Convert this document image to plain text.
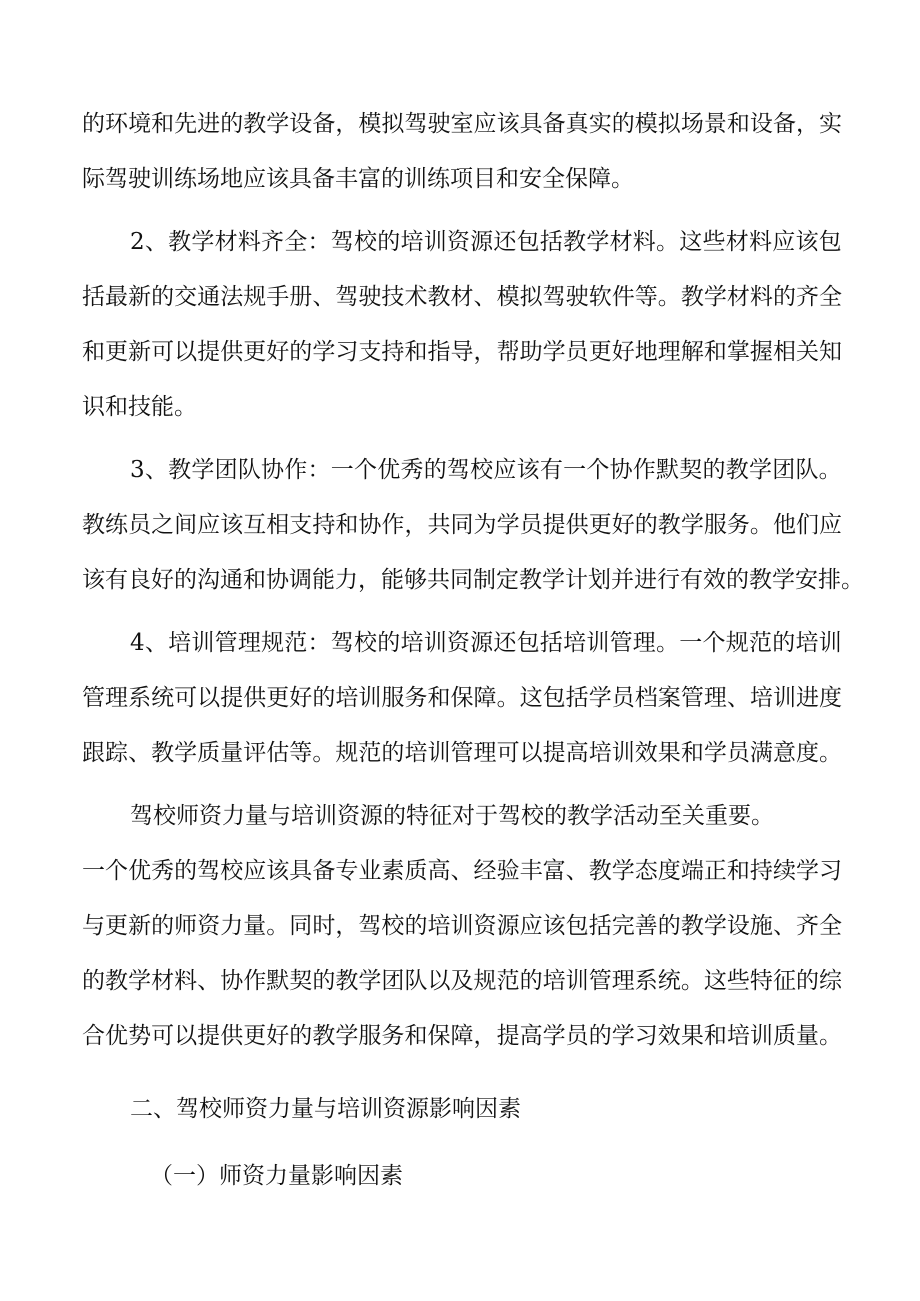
的 环 境 和 先 进 的 教 学 设 备 ， 模 拟 驾 驶 室 应 该 具 备 真 实 的 模 拟 场 景 和 设 备 ， 实
际驾驶训练场地应该具备丰富的训练项目和安全保障。
2 、 教 学 材 料 齐 全 ： 驾 校 的 培 训 资 源 还 包 括 教 学 材 料 。 这 些 材 料 应 该 包
括 最 新 的 交 通 法 规 手 册 、 驾 驶 技 术 教 材 、 模 拟 驾 驶 软 件 等 。 教 学 材 料 的 齐 全
和 更 新 可 以 提 供 更 好 的 学 习 支 持 和 指 导 ， 帮 助 学 员 更 好 地 理 解 和 掌 握 相 关 知
识和技能。
3 、 教 学 团 队 协 作 ： 一 个 优 秀 的 驾 校 应 该 有 一 个 协 作 默 契 的 教 学 团 队 。
教 练 员 之 间 应 该 互 相 支 持 和 协 作 ， 共 同 为 学 员 提 供 更 好 的 教 学 服 务 。 他 们 应
该 有 良 好 的 沟 通 和 协 调 能 力 ， 能 够 共 同 制 定 教 学 计 划 并 进 行 有 效 的 教 学 安 排 。
4 、 培 训 管 理 规 范 ： 驾 校 的 培 训 资 源 还 包 括 培 训 管 理 。 一 个 规 范 的 培 训
管 理 系 统 可 以 提 供 更 好 的 培 训 服 务 和 保 障 。 这 包 括 学 员 档 案 管 理 、 培 训 进 度
跟 踪 、 教 学 质 量 评 估 等 。 规 范 的 培 训 管 理 可 以 提 高 培 训 效 果 和 学 员 满 意 度 。
驾校师资力量与培训资源的特征对于驾校的教学活动至关重要。
一 个 优 秀 的 驾 校 应 该 具 备 专 业 素 质 高 、 经 验 丰 富 、 教 学 态 度 端 正 和 持 续 学 习
与 更 新 的 师 资 力 量 。 同 时 ， 驾 校 的 培 训 资 源 应 该 包 括 完 善 的 教 学 设 施 、 齐 全
的 教 学 材 料 、 协 作 默 契 的 教 学 团 队 以 及 规 范 的 培 训 管 理 系 统 。 这 些 特 征 的 综
合 优 势 可 以 提 供 更 好 的 教 学 服 务 和 保 障 ， 提 高 学 员 的 学 习 效 果 和 培 训 质 量 。
二、驾校师资力量与培训资源影响因素
（一）师资力量影响因素
